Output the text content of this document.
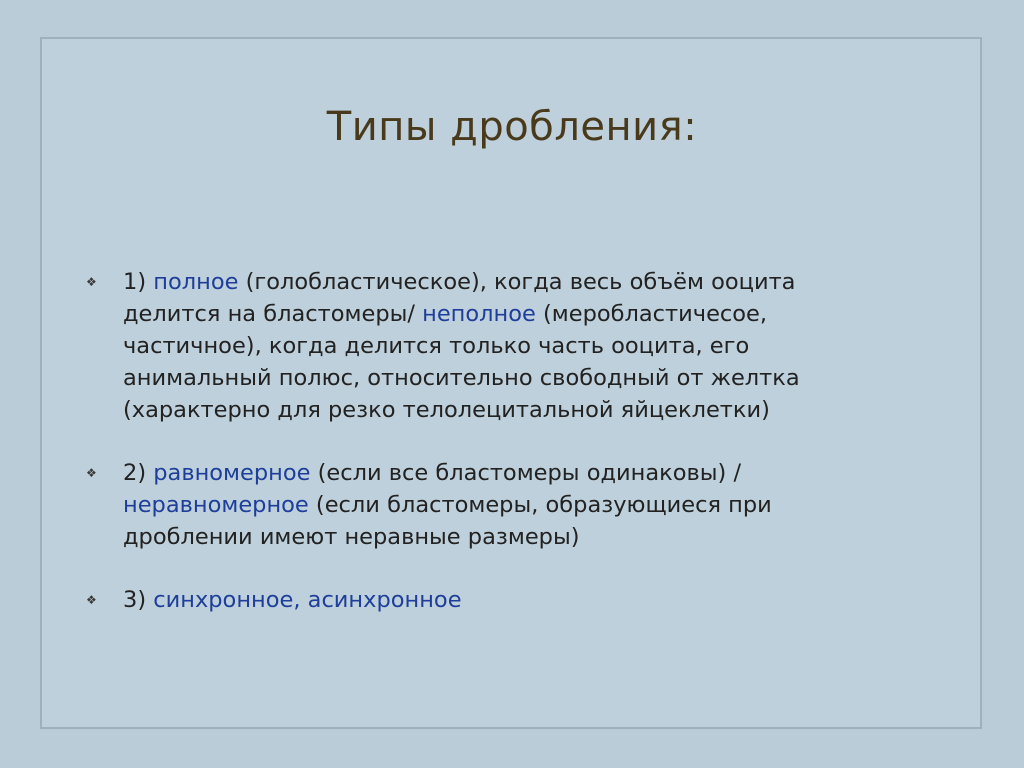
Типы дробления:
❖ 1) полное (голобластическое), когда весь объём ооцита делится на бластомеры/ неполное (меробластичесое, частичное), когда делится только часть ооцита, его анимальный полюс, относительно свободный от желтка (характерно для резко телолецитальной яйцеклетки)
❖ 2) равномерное (если все бластомеры одинаковы) /неравномерное (если бластомеры, образующиеся при дроблении имеют неравные размеры)
❖ 3) синхронное, асинхронное
